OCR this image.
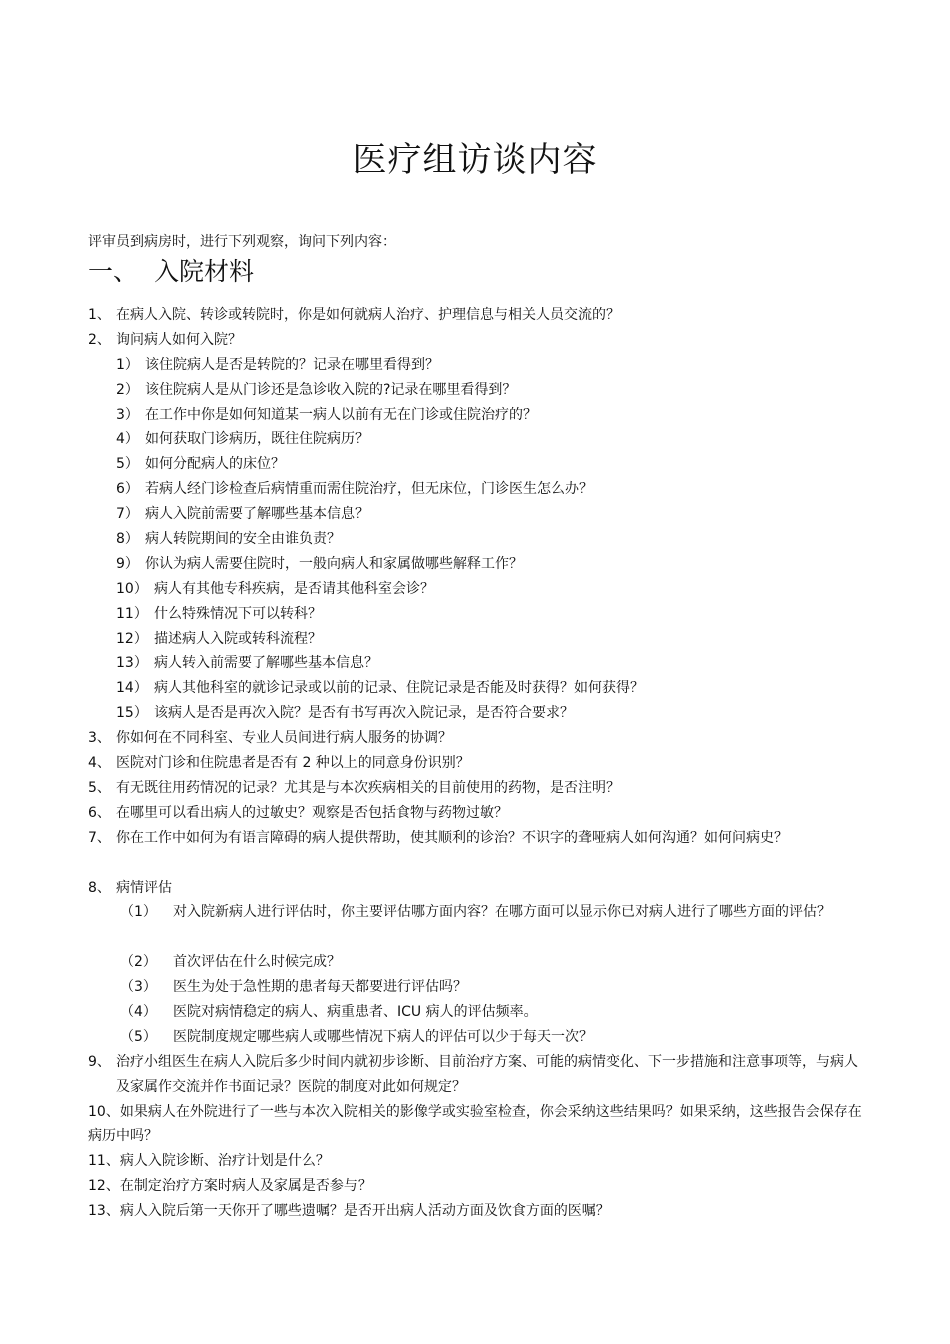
医疗组访谈内容
评审员到病房时，进行下列观察，询问下列内容：
一、 入院材料
1、 在病人入院、转诊或转院时，你是如何就病人治疗、护理信息与相关人员交流的？
2、 询问病人如何入院？
1） 该住院病人是否是转院的？记录在哪里看得到？
2） 该住院病人是从门诊还是急诊收入院的?记录在哪里看得到？
3） 在工作中你是如何知道某一病人以前有无在门诊或住院治疗的？
4） 如何获取门诊病历，既往住院病历？
5） 如何分配病人的床位？
6） 若病人经门诊检查后病情重而需住院治疗，但无床位，门诊医生怎么办？
7） 病人入院前需要了解哪些基本信息？
8） 病人转院期间的安全由谁负责？
9） 你认为病人需要住院时，一般向病人和家属做哪些解释工作？
10） 病人有其他专科疾病，是否请其他科室会诊？
11） 什么特殊情况下可以转科？
12） 描述病人入院或转科流程？
13） 病人转入前需要了解哪些基本信息？
14） 病人其他科室的就诊记录或以前的记录、住院记录是否能及时获得？如何获得？
15） 该病人是否是再次入院？是否有书写再次入院记录，是否符合要求？
3、 你如何在不同科室、专业人员间进行病人服务的协调？
4、 医院对门诊和住院患者是否有 2 种以上的同意身份识别？
5、 有无既往用药情况的记录？尤其是与本次疾病相关的目前使用的药物，是否注明？
6、 在哪里可以看出病人的过敏史？观察是否包括食物与药物过敏？
7、 你在工作中如何为有语言障碍的病人提供帮助，使其顺利的诊治？不识字的聋哑病人如何沟通？如何问病史？
8、 病情评估
（1） 对入院新病人进行评估时，你主要评估哪方面内容？在哪方面可以显示你已对病人进行了哪些方面的评估？
（2） 首次评估在什么时候完成？
（3） 医生为处于急性期的患者每天都要进行评估吗？
（4） 医院对病情稳定的病人、病重患者、ICU 病人的评估频率。
（5） 医院制度规定哪些病人或哪些情况下病人的评估可以少于每天一次？
9、 治疗小组医生在病人入院后多少时间内就初步诊断、目前治疗方案、可能的病情变化、下一步措施和注意事项等，与病人及家属作交流并作书面记录？医院的制度对此如何规定？
10、如果病人在外院进行了一些与本次入院相关的影像学或实验室检查，你会采纳这些结果吗？如果采纳，这些报告会保存在病历中吗？
11、病人入院诊断、治疗计划是什么？
12、在制定治疗方案时病人及家属是否参与？
13、病人入院后第一天你开了哪些遗嘱？是否开出病人活动方面及饮食方面的医嘱？
